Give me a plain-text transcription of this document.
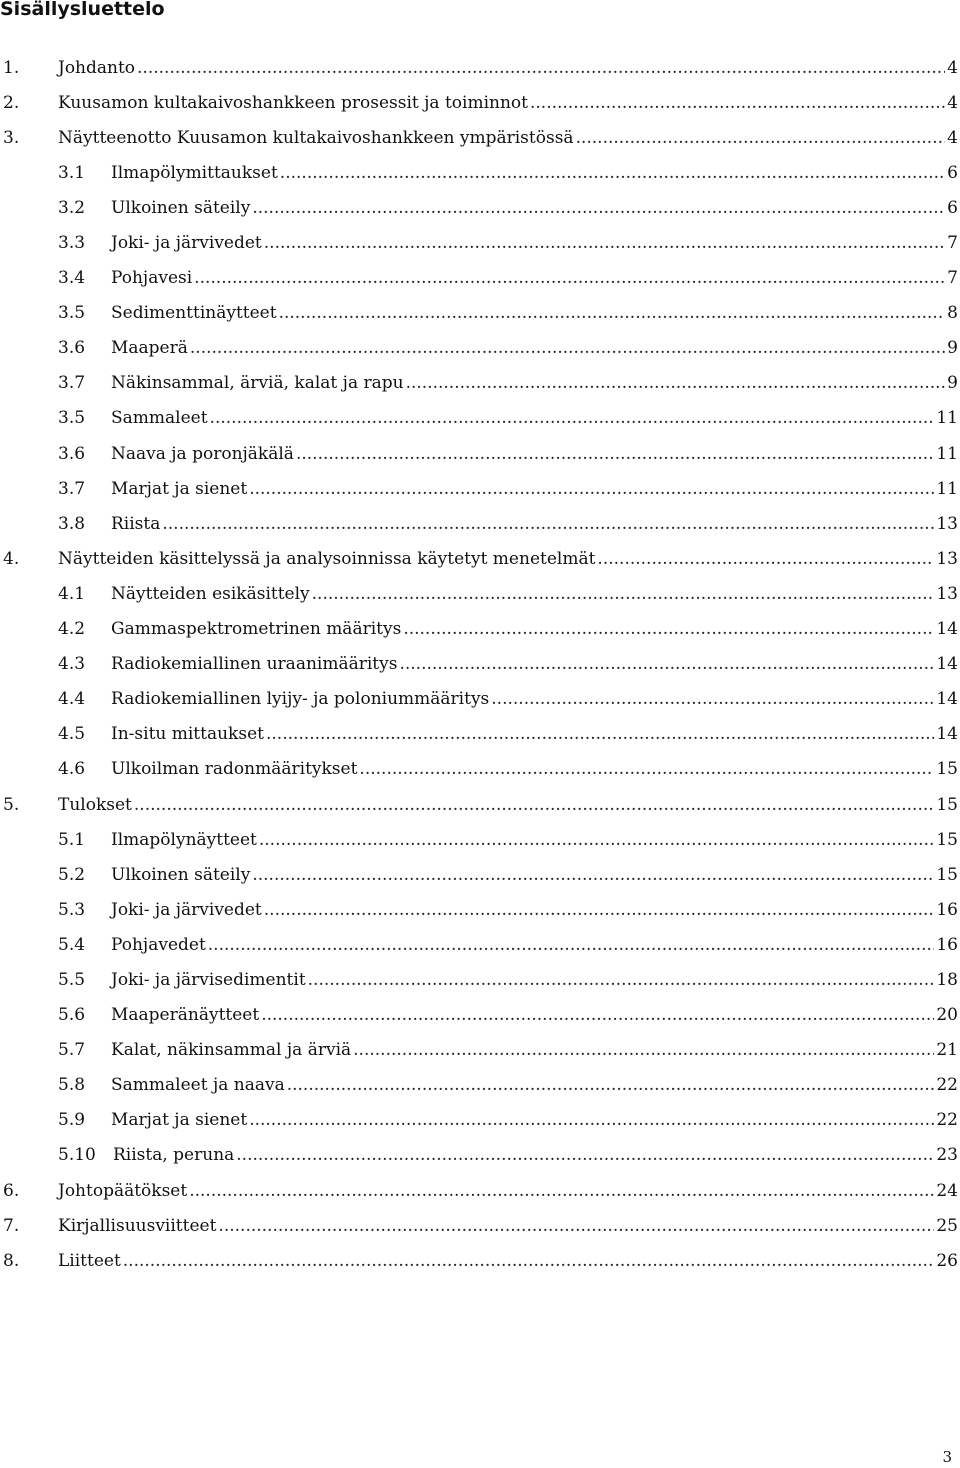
Sisällysluettelo
1. Johdanto .....	4
2. Kuusamon kultakaivoshankkeen prosessit ja toiminnot .....	4
3. Näytteenotto Kuusamon kultakaivoshankkeen ympäristössä .....	4
3.1 Ilmapölymittaukset .....	6
3.2 Ulkoinen säteily .....	6
3.3 Joki- ja järvivedet .....	7
3.4 Pohjavesi .....	7
3.5 Sedimenttinäytteet .....	8
3.6 Maaperä .....	9
3.7 Näkinsammal, ärviä, kalat ja rapu .....	9
3.5 Sammaleet .....	11
3.6 Naava ja poronjäkälä .....	11
3.7 Marjat ja sienet .....	11
3.8 Riista .....	13
4. Näytteiden käsittelyssä ja analysoinnissa käytetyt menetelmät .....	13
4.1 Näytteiden esikäsittely .....	13
4.2 Gammaspektrometrinen määritys .....	14
4.3 Radiokemiallinen uraanimääritys .....	14
4.4 Radiokemiallinen lyijy- ja poloniummääritys .....	14
4.5 In-situ mittaukset .....	14
4.6 Ulkoilman radonmääritykset .....	15
5. Tulokset .....	15
5.1 Ilmapölynäytteet .....	15
5.2 Ulkoinen säteily .....	15
5.3 Joki- ja järvivedet .....	16
5.4 Pohjavedet .....	16
5.5 Joki- ja järvisedimentit .....	18
5.6 Maaperänäytteet .....	20
5.7 Kalat, näkinsammal ja ärviä .....	21
5.8 Sammaleet ja naava .....	22
5.9 Marjat ja sienet .....	22
5.10 Riista, peruna .....	23
6. Johtopäätökset .....	24
7. Kirjallisuusviitteet .....	25
8. Liitteet .....	26
3
